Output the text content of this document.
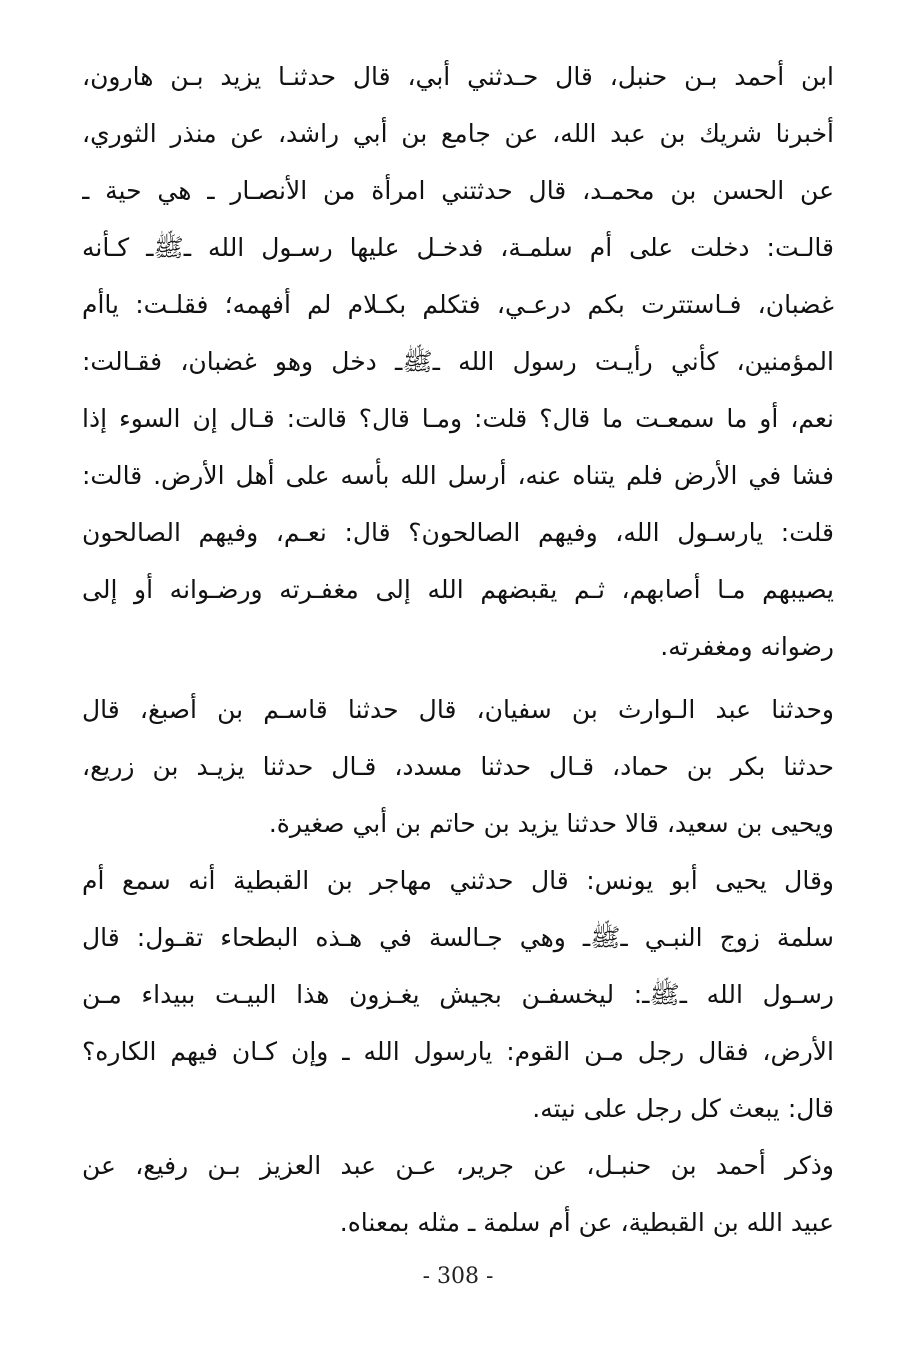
ابن أحمد بـن حنبل، قال حـدثني أبي، قال حدثنـا يزيد بـن هارون،
أخبرنا شريك بن عبد الله، عن جامع بن أبي راشد، عن منذر الثوري،
عن الحسن بن محمـد، قال حدثتني امرأة من الأنصـار ـ هي حية ـ
قالـت: دخلت على أم سلمـة، فدخـل عليها رسـول الله ـﷺـ كـأنه
غضبان، فـاستترت بكم درعـي، فتكلم بكـلام لم أفهمه؛ فقلـت: ياأم
المؤمنين، كأني رأيـت رسول الله ـﷺـ دخل وهو غضبان، فقـالت:
نعم، أو ما سمعـت ما قال؟ قلت: ومـا قال؟ قالت: قـال إن السوء إذا
فشا في الأرض فلم يتناه عنه، أرسل الله بأسه على أهل الأرض. قالت:
قلت: يارسـول الله، وفيهم الصالحون؟ قال: نعـم، وفيهم الصالحون
يصيبهم مـا أصابهم، ثـم يقبضهم الله إلى مغفـرته ورضـوانه أو إلى
رضوانه ومغفرته.
وحدثنا عبد الـوارث بن سفيان، قال حدثنا قاسـم بن أصبغ، قال
حدثنا بكر بن حماد، قـال حدثنا مسدد، قـال حدثنا يزيـد بن زريع،
ويحيى بن سعيد، قالا حدثنا يزيد بن حاتم بن أبي صغيرة.
وقال يحيى أبو يونس: قال حدثني مهاجر بن القبطية أنه سمع أم
سلمة زوج النبـي ـﷺـ وهي جـالسة في هـذه البطحاء تقـول: قال
رسـول الله ـﷺـ: ليخسفـن بجيش يغـزون هذا البيـت ببيداء مـن
الأرض، فقال رجل مـن القوم: يارسول الله ـ وإن كـان فيهم الكاره؟
قال: يبعث كل رجل على نيته.
وذكر أحمد بن حنبـل، عن جرير، عـن عبد العزيز بـن رفيع، عن
عبيد الله بن القبطية، عن أم سلمة ـ مثله بمعناه.
- 308 -
